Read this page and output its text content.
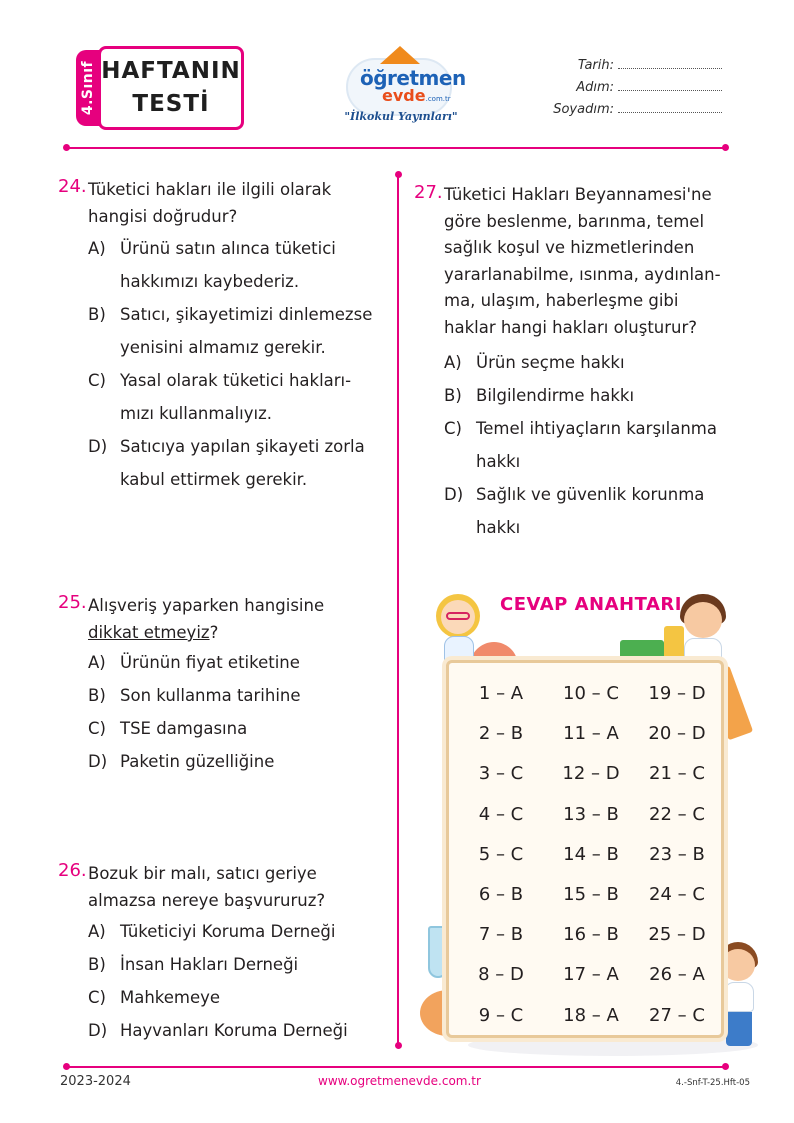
4.Sınıf HAFTANIN
TESTİ
öğretmen
evde.com.tr
"İlkokul Yayınları"
Tarih:
Adım:
Soyadım:
24. Tüketici hakları ile ilgili olarak
hangisi doğrudur?
A) Ürünü satın alınca tüketici
hakkımızı kaybederiz.
B) Satıcı, şikayetimizi dinlemezse
yenisini almamız gerekir.
C) Yasal olarak tüketici hakları-
mızı kullanmalıyız.
D) Satıcıya yapılan şikayeti zorla
kabul ettirmek gerekir.
25. Alışveriş yaparken hangisine
dikkat etmeyiz?
A) Ürünün fiyat etiketine
B) Son kullanma tarihine
C) TSE damgasına
D) Paketin güzelliğine
26. Bozuk bir malı, satıcı geriye
almazsa nereye başvururuz?
A) Tüketiciyi Koruma Derneği
B) İnsan Hakları Derneği
C) Mahkemeye
D) Hayvanları Koruma Derneği
27. Tüketici Hakları Beyannamesi'ne
göre beslenme, barınma, temel
sağlık koşul ve hizmetlerinden
yararlanabilme, ısınma, aydınlan-
ma, ulaşım, haberleşme gibi
haklar hangi hakları oluşturur?
A) Ürün seçme hakkı
B) Bilgilendirme hakkı
C) Temel ihtiyaçların karşılanma
hakkı
D) Sağlık ve güvenlik korunma
hakkı
CEVAP ANAHTARI
1 – A	10 – C	19 – D
2 – B	11 – A	20 – D
3 – C	12 – D	21 – C
4 – C	13 – B	22 – C
5 – C	14 – B	23 – B
6 – B	15 – B	24 – C
7 – B	16 – B	25 – D
8 – D	17 – A	26 – A
9 – C	18 – A	27 – C
2023-2024	www.ogretmenevde.com.tr	4.-Snf-T-25.Hft-05
